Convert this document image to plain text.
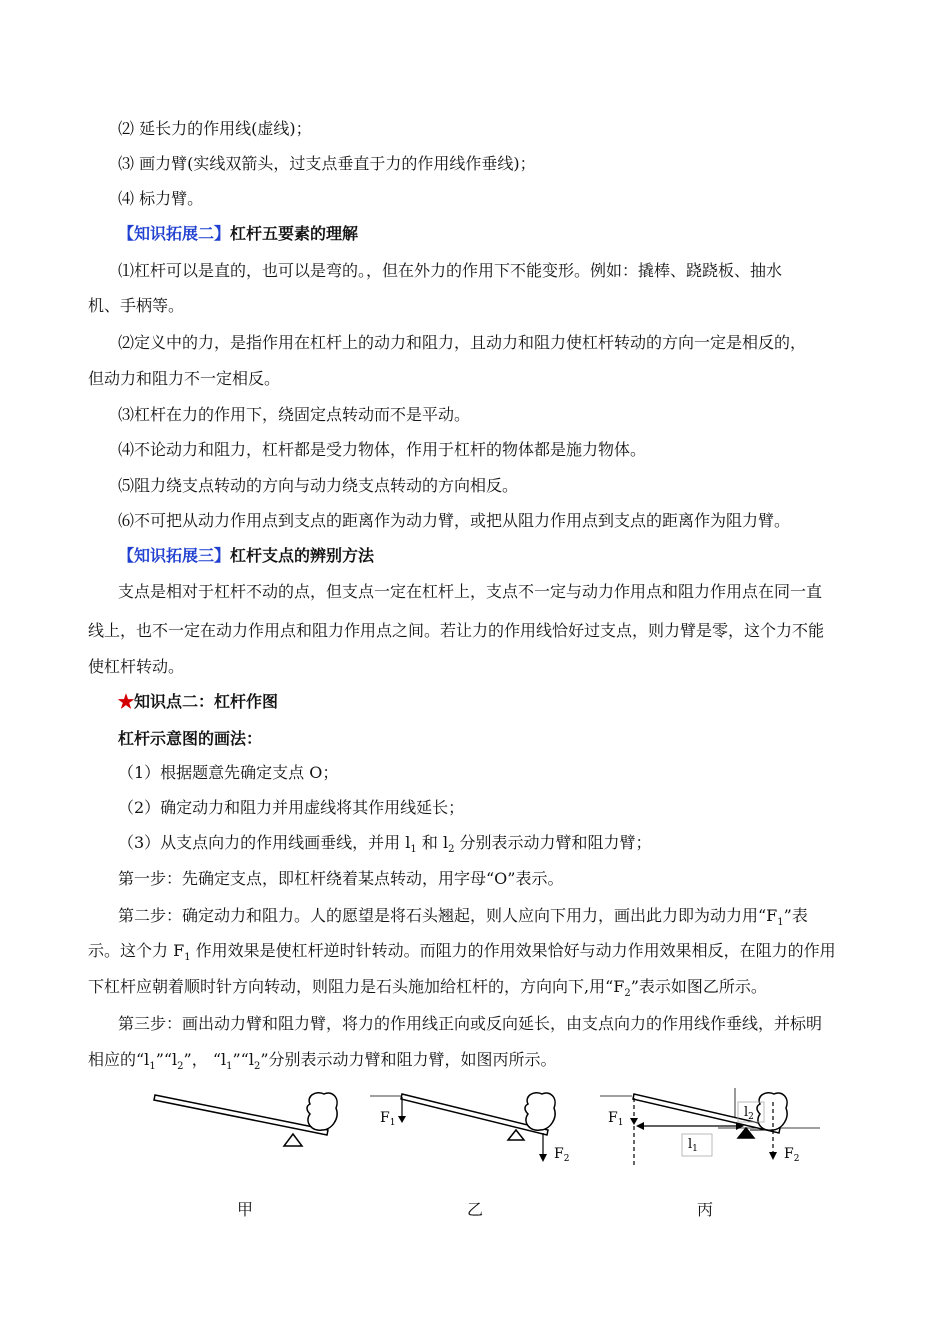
⑵ 延长力的作用线(虚线)；
⑶ 画力臂(实线双箭头，过支点垂直于力的作用线作垂线)；
⑷ 标力臂。
【知识拓展二】杠杆五要素的理解
⑴杠杆可以是直的，也可以是弯的。，但在外力的作用下不能变形。例如：撬棒、跷跷板、抽水
机、手柄等。
⑵定义中的力，是指作用在杠杆上的动力和阻力，且动力和阻力使杠杆转动的方向一定是相反的，
但动力和阻力不一定相反。
⑶杠杆在力的作用下，绕固定点转动而不是平动。
⑷不论动力和阻力，杠杆都是受力物体，作用于杠杆的物体都是施力物体。
⑸阻力绕支点转动的方向与动力绕支点转动的方向相反。
⑹不可把从动力作用点到支点的距离作为动力臂，或把从阻力作用点到支点的距离作为阻力臂。
【知识拓展三】杠杆支点的辨别方法
支点是相对于杠杆不动的点，但支点一定在杠杆上，支点不一定与动力作用点和阻力作用点在同一直
线上，也不一定在动力作用点和阻力作用点之间。若让力的作用线恰好过支点，则力臂是零，这个力不能
使杠杆转动。
★知识点二：杠杆作图
杠杆示意图的画法：
（1）根据题意先确定支点 O；
（2）确定动力和阻力并用虚线将其作用线延长；
（3）从支点向力的作用线画垂线，并用 $l_1$ 和 $l_2$ 分别表示动力臂和阻力臂；
第一步：先确定支点，即杠杆绕着某点转动，用字母“O”表示。
第二步：确定动力和阻力。人的愿望是将石头翘起，则人应向下用力，画出此力即为动力用“$F_1$”表
示。这个力 $F_1$ 作用效果是使杠杆逆时针转动。而阻力的作用效果恰好与动力作用效果相反，在阻力的作用
下杠杆应朝着顺时针方向转动，则阻力是石头施加给杠杆的，方向向下,用“$F_2$”表示如图乙所示。
第三步：画出动力臂和阻力臂，将力的作用线正向或反向延长，由支点向力的作用线作垂线，并标明
相应的“$l_1”“l_2$”， “$l_1”“l_2$”分别表示动力臂和阻力臂，如图丙所示。
$F_1$
$F_2$
$F_1$
$F_2$
$l_1$
$l_2$
甲	乙	丙
